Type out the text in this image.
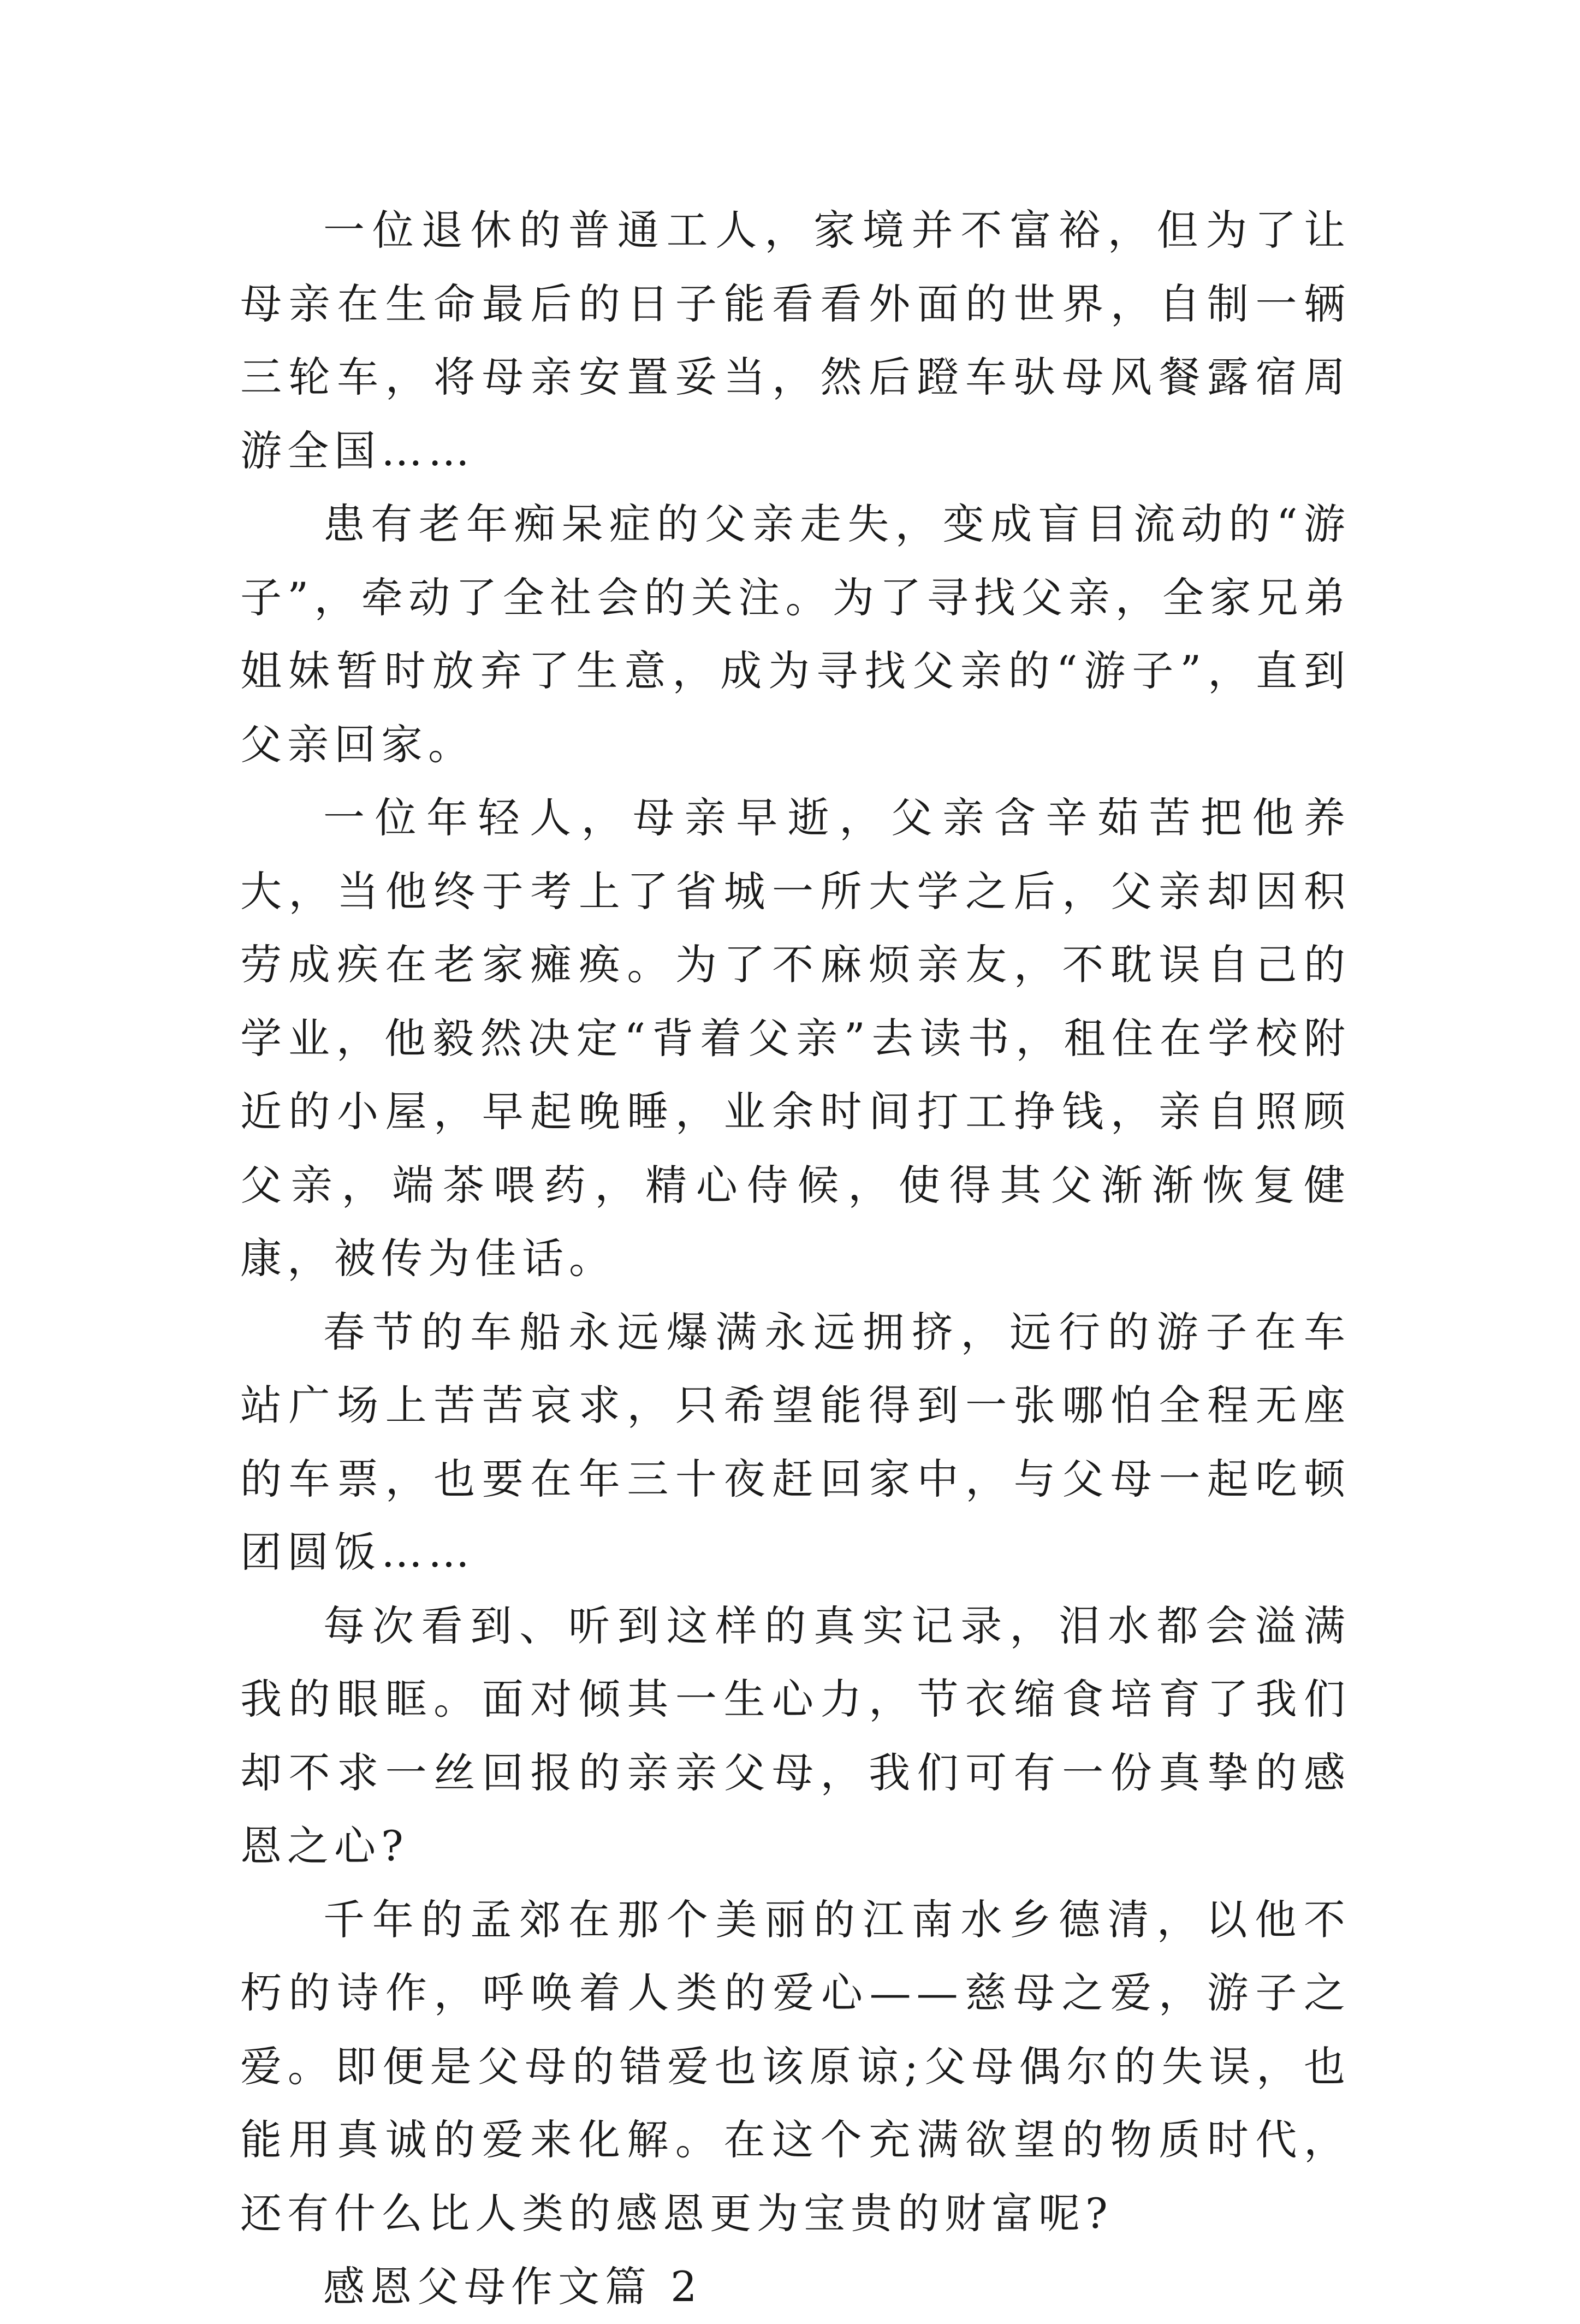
一位退休的普通工人，家境并不富裕，但为了让母亲在生命最后的日子能看看外面的世界，自制一辆三轮车，将母亲安置妥当，然后蹬车驮母风餐露宿周游全国……

患有老年痴呆症的父亲走失，变成盲目流动的“游子”，牵动了全社会的关注。为了寻找父亲，全家兄弟姐妹暂时放弃了生意，成为寻找父亲的“游子”，直到父亲回家。

一位年轻人，母亲早逝，父亲含辛茹苦把他养大，当他终于考上了省城一所大学之后，父亲却因积劳成疾在老家瘫痪。为了不麻烦亲友，不耽误自己的学业，他毅然决定“背着父亲”去读书，租住在学校附近的小屋，早起晚睡，业余时间打工挣钱，亲自照顾父亲，端茶喂药，精心侍候，使得其父渐渐恢复健康，被传为佳话。

春节的车船永远爆满永远拥挤，远行的游子在车站广场上苦苦哀求，只希望能得到一张哪怕全程无座的车票，也要在年三十夜赶回家中，与父母一起吃顿团圆饭……

每次看到、听到这样的真实记录，泪水都会溢满我的眼眶。面对倾其一生心力，节衣缩食培育了我们却不求一丝回报的亲亲父母，我们可有一份真挚的感恩之心?

千年的孟郊在那个美丽的江南水乡德清，以他不朽的诗作，呼唤着人类的爱心——慈母之爱，游子之爱。即便是父母的错爱也该原谅;父母偶尔的失误，也能用真诚的爱来化解。在这个充满欲望的物质时代，还有什么比人类的感恩更为宝贵的财富呢?

感恩父母作文篇 2
